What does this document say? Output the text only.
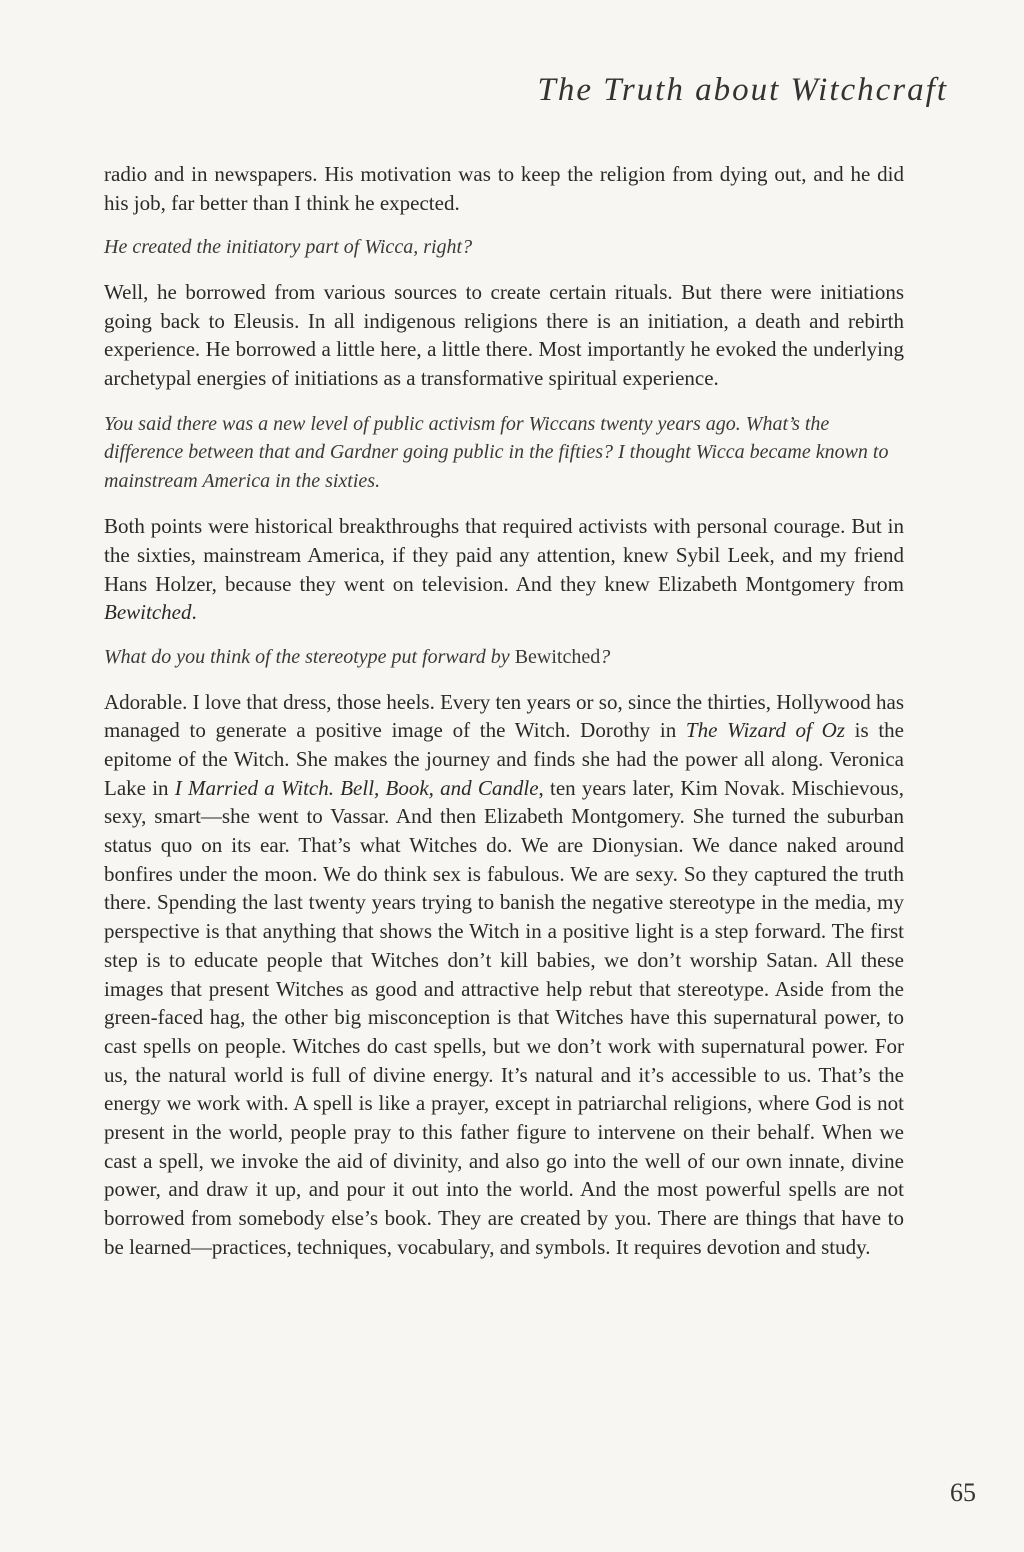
The Truth about Witchcraft

radio and in newspapers. His motivation was to keep the religion from dying out, and he did his job, far better than I think he expected.

He created the initiatory part of Wicca, right?

Well, he borrowed from various sources to create certain rituals. But there were initiations going back to Eleusis. In all indigenous religions there is an initiation, a death and rebirth experience. He borrowed a little here, a little there. Most importantly he evoked the underlying archetypal energies of initiations as a transformative spiritual experience.

You said there was a new level of public activism for Wiccans twenty years ago. What’s the difference between that and Gardner going public in the fifties? I thought Wicca became known to mainstream America in the sixties.

Both points were historical breakthroughs that required activists with personal courage. But in the sixties, mainstream America, if they paid any attention, knew Sybil Leek, and my friend Hans Holzer, because they went on television. And they knew Elizabeth Montgomery from Bewitched.

What do you think of the stereotype put forward by Bewitched?

Adorable. I love that dress, those heels. Every ten years or so, since the thirties, Hollywood has managed to generate a positive image of the Witch. Dorothy in The Wizard of Oz is the epitome of the Witch. She makes the journey and finds she had the power all along. Veronica Lake in I Married a Witch. Bell, Book, and Candle, ten years later, Kim Novak. Mischievous, sexy, smart—she went to Vassar. And then Elizabeth Montgomery. She turned the suburban status quo on its ear. That’s what Witches do. We are Dionysian. We dance naked around bonfires under the moon. We do think sex is fabulous. We are sexy. So they captured the truth there. Spending the last twenty years trying to banish the negative stereotype in the media, my perspective is that anything that shows the Witch in a positive light is a step forward. The first step is to educate people that Witches don’t kill babies, we don’t worship Satan. All these images that present Witches as good and attractive help rebut that stereotype. Aside from the green-faced hag, the other big misconception is that Witches have this supernatural power, to cast spells on people. Witches do cast spells, but we don’t work with supernatural power. For us, the natural world is full of divine energy. It’s natural and it’s accessible to us. That’s the energy we work with. A spell is like a prayer, except in patriarchal religions, where God is not present in the world, people pray to this father figure to intervene on their behalf. When we cast a spell, we invoke the aid of divinity, and also go into the well of our own innate, divine power, and draw it up, and pour it out into the world. And the most powerful spells are not borrowed from somebody else’s book. They are created by you. There are things that have to be learned—practices, techniques, vocabulary, and symbols. It requires devotion and study.

65
